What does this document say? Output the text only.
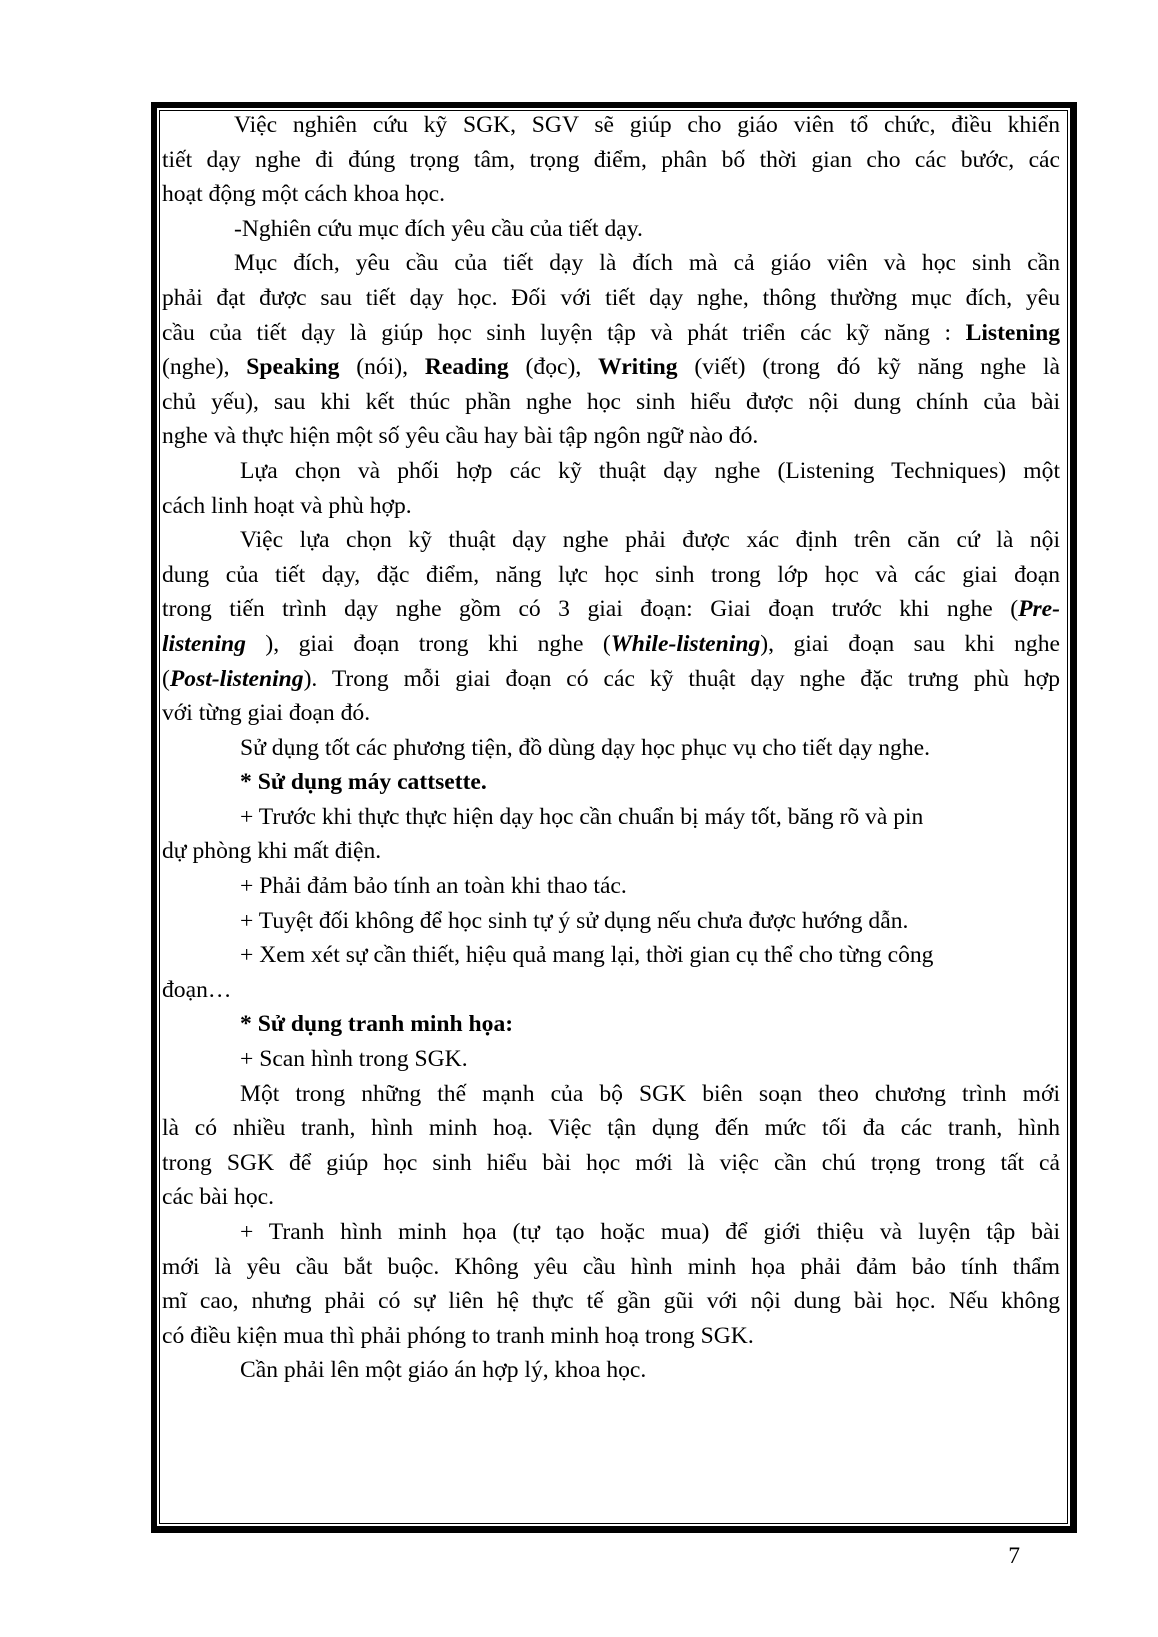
Việc nghiên cứu kỹ SGK, SGV sẽ giúp cho giáo viên tổ chức, điều khiển
tiết dạy nghe đi đúng trọng tâm, trọng điểm, phân bố thời gian cho các bước, các
hoạt động một cách khoa học.
-Nghiên cứu mục đích yêu cầu của tiết dạy.
Mục đích, yêu cầu của tiết dạy là đích mà cả giáo viên và học sinh cần
phải đạt được sau tiết dạy học. Đối với tiết dạy nghe, thông thường mục đích, yêu
cầu của tiết dạy là giúp học sinh luyện tập và phát triển các kỹ năng : Listening
(nghe), Speaking (nói), Reading (đọc), Writing (viết) (trong đó kỹ năng nghe là
chủ yếu), sau khi kết thúc phần nghe học sinh hiểu được nội dung chính của bài
nghe và thực hiện một số yêu cầu hay bài tập ngôn ngữ nào đó.
Lựa chọn và phối hợp các kỹ thuật dạy nghe (Listening Techniques) một
cách linh hoạt và phù hợp.
Việc lựa chọn kỹ thuật dạy nghe phải được xác định trên căn cứ là nội
dung của tiết dạy, đặc điểm, năng lực học sinh trong lớp học và các giai đoạn
trong tiến trình dạy nghe gồm có 3 giai đoạn: Giai đoạn trước khi nghe (Pre-
listening ), giai đoạn trong khi nghe (While-listening), giai đoạn sau khi nghe
(Post-listening). Trong mỗi giai đoạn có các kỹ thuật dạy nghe đặc trưng phù hợp
với từng giai đoạn đó.
Sử dụng tốt các phương tiện, đồ dùng dạy học phục vụ cho tiết dạy nghe.
* Sử dụng máy cattsette.
+ Trước khi thực thực hiện dạy học cần chuẩn bị máy tốt, băng rõ và pin
dự phòng khi mất điện.
+ Phải đảm bảo tính an toàn khi thao tác.
+ Tuyệt đối không để học sinh tự ý sử dụng nếu chưa được hướng dẫn.
+ Xem xét sự cần thiết, hiệu quả mang lại, thời gian cụ thể cho từng công
đoạn…
* Sử dụng tranh minh họa:
+ Scan hình trong SGK.
Một trong những thế mạnh của bộ SGK biên soạn theo chương trình mới
là có nhiều tranh, hình minh hoạ. Việc tận dụng đến mức tối đa các tranh, hình
trong SGK để giúp học sinh hiểu bài học mới là việc cần chú trọng trong tất cả
các bài học.
+ Tranh hình minh họa (tự tạo hoặc mua) để giới thiệu và luyện tập bài
mới là yêu cầu bắt buộc. Không yêu cầu hình minh họa phải đảm bảo tính thẩm
mĩ cao, nhưng phải có sự liên hệ thực tế gần gũi với nội dung bài học. Nếu không
có điều kiện mua thì phải phóng to tranh minh hoạ trong SGK.
Cần phải lên một giáo án hợp lý, khoa học.
7
